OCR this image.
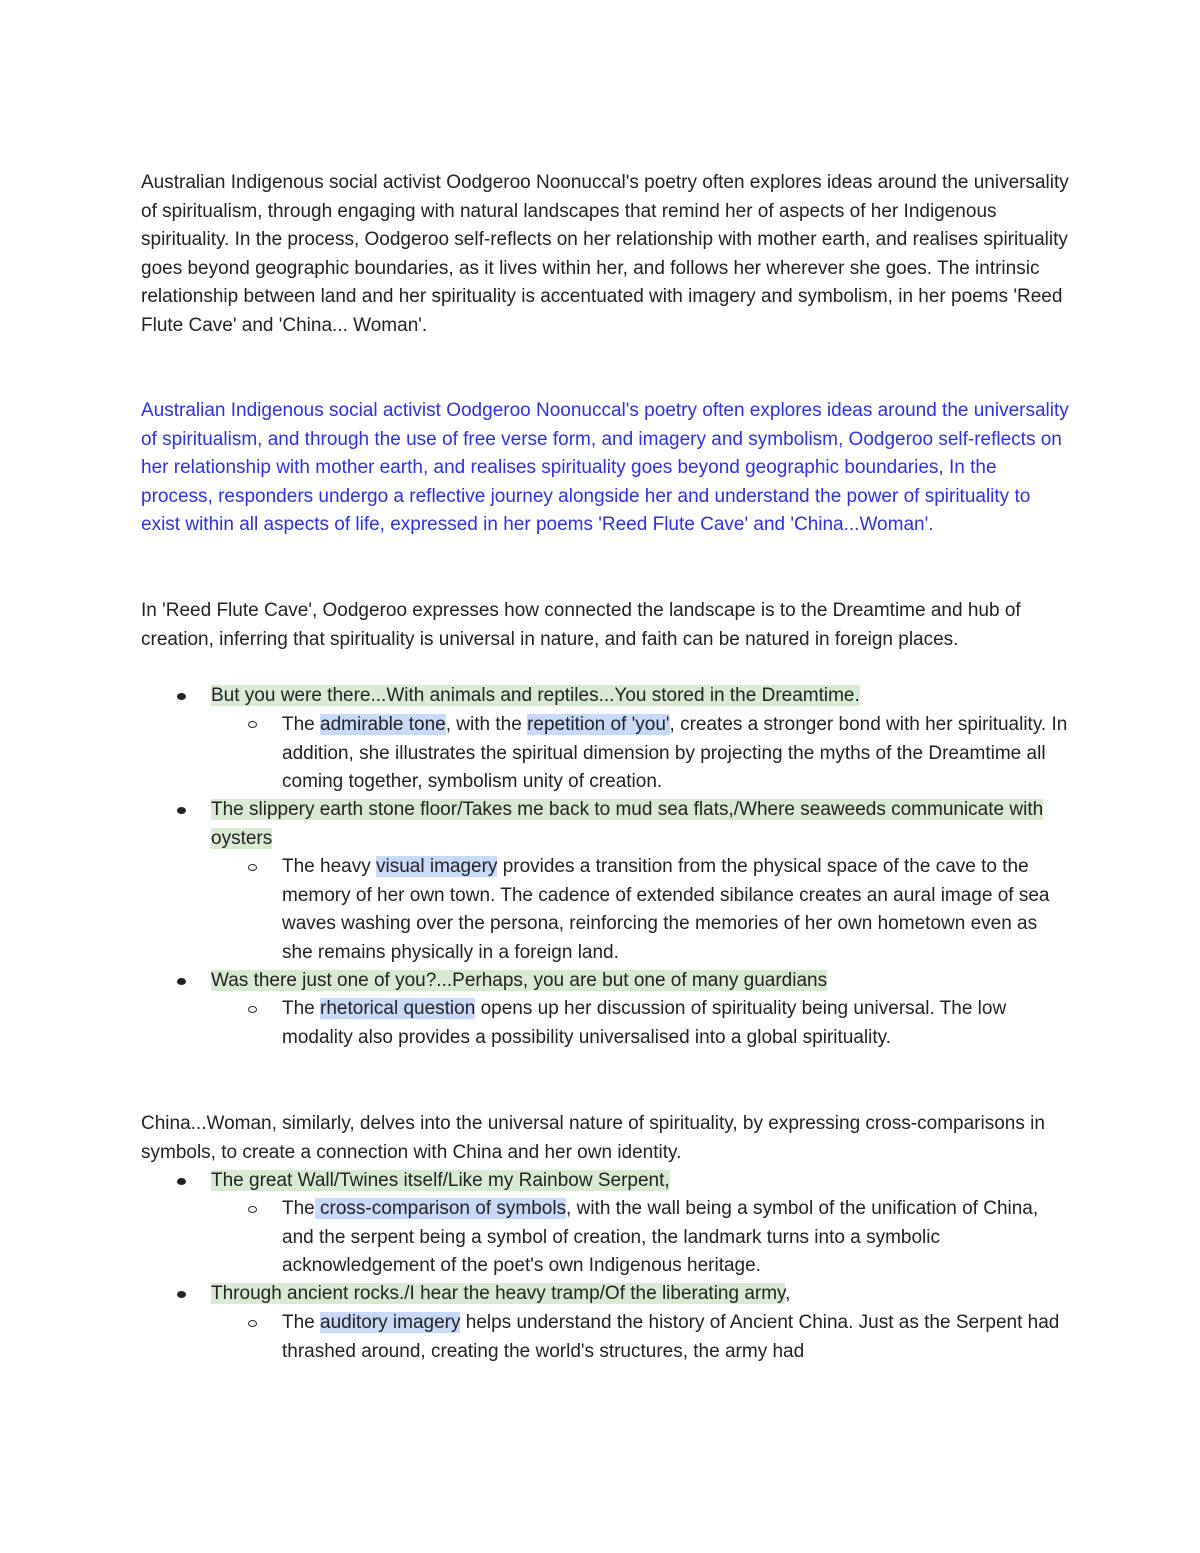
Australian Indigenous social activist Oodgeroo Noonuccal's poetry often explores ideas around the universality of spiritualism, through engaging with natural landscapes that remind her of aspects of her Indigenous spirituality. In the process, Oodgeroo self-reflects on her relationship with mother earth, and realises spirituality goes beyond geographic boundaries, as it lives within her, and follows her wherever she goes. The intrinsic relationship between land and her spirituality is accentuated with imagery and symbolism, in her poems 'Reed Flute Cave' and 'China... Woman'.

Australian Indigenous social activist Oodgeroo Noonuccal's poetry often explores ideas around the universality of spiritualism, and through the use of free verse form, and imagery and symbolism, Oodgeroo self-reflects on her relationship with mother earth, and realises spirituality goes beyond geographic boundaries, In the process, responders undergo a reflective journey alongside her and understand the power of spirituality to exist within all aspects of life, expressed in her poems 'Reed Flute Cave' and 'China...Woman'.

In 'Reed Flute Cave', Oodgeroo expresses how connected the landscape is to the Dreamtime and hub of creation, inferring that spirituality is universal in nature, and faith can be natured in foreign places.

But you were there...With animals and reptiles...You stored in the Dreamtime.

The admirable tone, with the repetition of 'you', creates a stronger bond with her spirituality. In addition, she illustrates the spiritual dimension by projecting the myths of the Dreamtime all coming together, symbolism unity of creation.

The slippery earth stone floor/Takes me back to mud sea flats,/Where seaweeds communicate with oysters

The heavy visual imagery provides a transition from the physical space of the cave to the memory of her own town. The cadence of extended sibilance creates an aural image of sea waves washing over the persona, reinforcing the memories of her own hometown even as she remains physically in a foreign land.

Was there just one of you?...Perhaps, you are but one of many guardians

The rhetorical question opens up her discussion of spirituality being universal. The low modality also provides a possibility universalised into a global spirituality.

China...Woman, similarly, delves into the universal nature of spirituality, by expressing cross-comparisons in symbols, to create a connection with China and her own identity.

The great Wall/Twines itself/Like my Rainbow Serpent,

The cross-comparison of symbols, with the wall being a symbol of the unification of China, and the serpent being a symbol of creation, the landmark turns into a symbolic acknowledgement of the poet's own Indigenous heritage.

Through ancient rocks./I hear the heavy tramp/Of the liberating army,

The auditory imagery helps understand the history of Ancient China. Just as the Serpent had thrashed around, creating the world's structures, the army had
